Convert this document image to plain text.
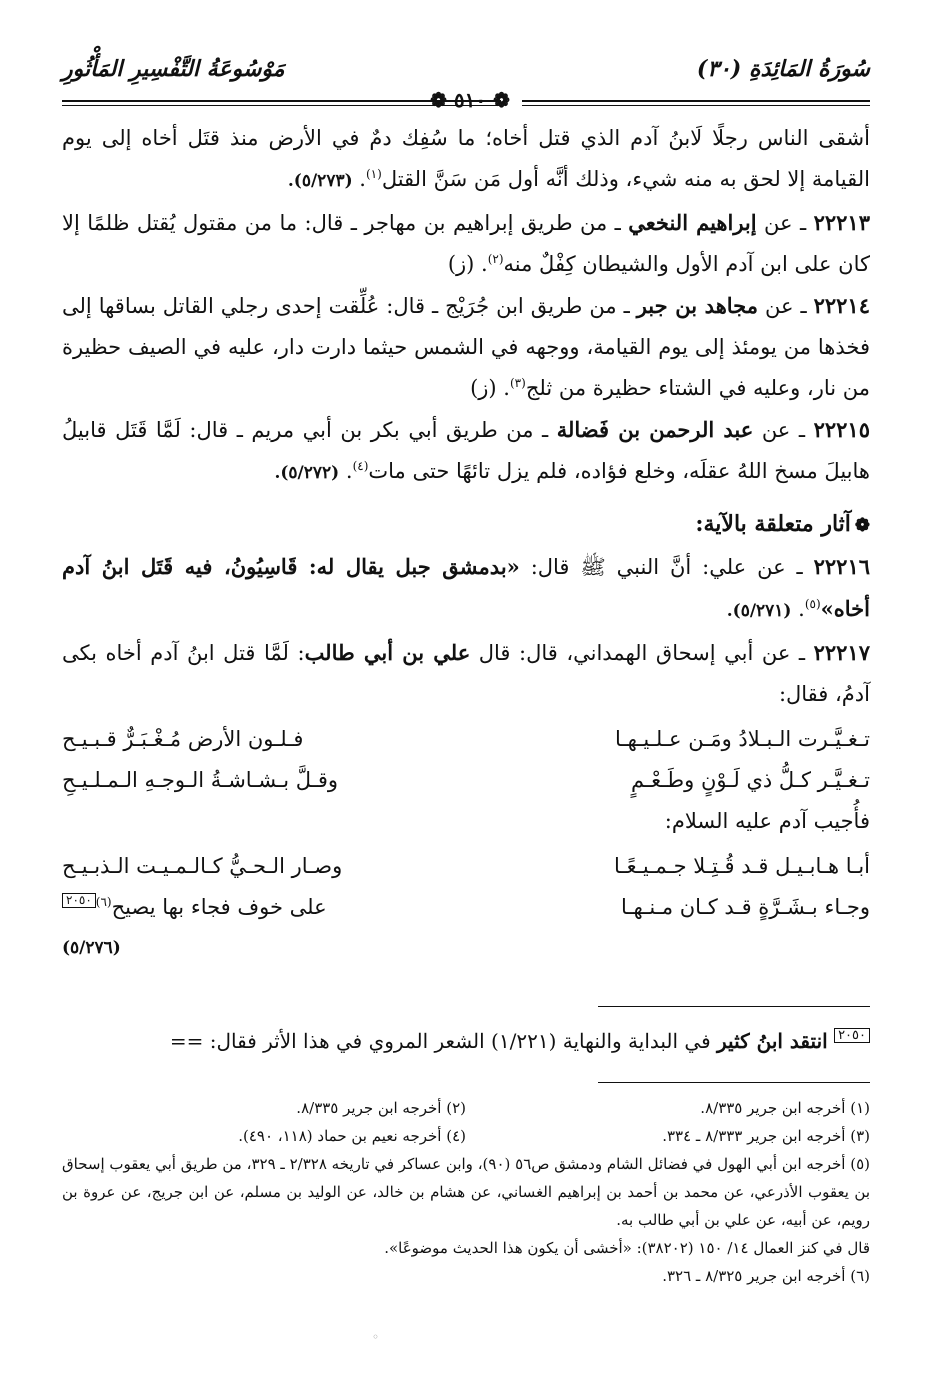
سُورَةُ المَائِدَةِ (٣٠)
مَوْسُوعَةُ التَّفْسِيرِ المَأْثُورِ
❁ ٥١٠ ❁

أشقى الناس رجلًا لَابنُ آدم الذي قتل أخاه؛ ما سُفِك دمٌ في الأرض منذ قتَل أخاه إلى يوم القيامة إلا لحق به منه شيء، وذلك أنَّه أول مَن سَنَّ القتل$^{(١)}$. (٥/٢٧٣).

٢٢٢١٣ ـ عن إبراهيم النخعي ـ من طريق إبراهيم بن مهاجر ـ قال: ما من مقتول يُقتل ظلمًا إلا كان على ابن آدم الأول والشيطان كِفْلٌ منه$^{(٢)}$. (ز)

٢٢٢١٤ ـ عن مجاهد بن جبر ـ من طريق ابن جُرَيْج ـ قال: عُلِّقت إحدى رجلي القاتل بساقها إلى فخذها من يومئذ إلى يوم القيامة، ووجهه في الشمس حيثما دارت دار، عليه في الصيف حظيرة من نار، وعليه في الشتاء حظيرة من ثلج$^{(٣)}$. (ز)

٢٢٢١٥ ـ عن عبد الرحمن بن فَضالة ـ من طريق أبي بكر بن أبي مريم ـ قال: لَمَّا قَتَل قابيلُ هابيلَ مسخ اللهُ عقلَه، وخلع فؤاده، فلم يزل تائهًا حتى مات$^{(٤)}$. (٥/٢٧٢).

❁آثار متعلقة بالآية:

٢٢٢١٦ ـ عن علي: أنَّ النبي ﷺ قال: «بدمشق جبل يقال له: قَاسِيُونُ، فيه قَتَل ابنُ آدم أخاه»$^{(٥)}$. (٥/٢٧١).

٢٢٢١٧ ـ عن أبي إسحاق الهمداني، قال: قال علي بن أبي طالب: لَمَّا قتل ابنُ آدم أخاه بكى آدمُ، فقال:

تـغـيَّـرت الـبـلادُ ومَـن عـلـيـهـا
فـلـون الأرض مُـغْـبَـرٌّ قـبـيـح
تـغـيَّـر كـلُّ ذي لَـوْنٍ وطَـعْـمٍ
وقـلَّ بـشـاشـةُ الـوجـهِ الـمـلـيـحِ

فأُجيب آدم عليه السلام:

أبـا هـابـيـل قـد قُـتِـلا جـمـيـعًـا
وصـار الـحـيُّ كـالـمـيـت الـذبـيـح
وجـاء بـشَـرَّةٍ قـد كـان مـنـهـا
على خوف فجاء بها يصيح$^{(٦)}$٢٠٥٠
(٥/٢٧٦)
٢٠٥٠ انتقد ابنُ كثير في البداية والنهاية (١/٢٢١) الشعر المروي في هذا الأثر فقال: ==
(١) أخرجه ابن جرير ٨/٣٣٥.
(٢) أخرجه ابن جرير ٨/٣٣٥.
(٣) أخرجه ابن جرير ٨/٣٣٣ ـ ٣٣٤.
(٤) أخرجه نعيم بن حماد (١١٨، ٤٩٠).
(٥) أخرجه ابن أبي الهول في فضائل الشام ودمشق ص٥٦ (٩٠)، وابن عساكر في تاريخه ٢/٣٢٨ ـ ٣٢٩، من طريق أبي يعقوب إسحاق بن يعقوب الأذرعي، عن محمد بن أحمد بن إبراهيم الغساني، عن هشام بن خالد، عن الوليد بن مسلم، عن ابن جريج، عن عروة بن رويم، عن أبيه، عن علي بن أبي طالب به.
قال في كنز العمال ١٤/ ١٥٠ (٣٨٢٠٢): «أخشى أن يكون هذا الحديث موضوعًا».
(٦) أخرجه ابن جرير ٨/٣٢٥ ـ ٣٢٦.
◦
